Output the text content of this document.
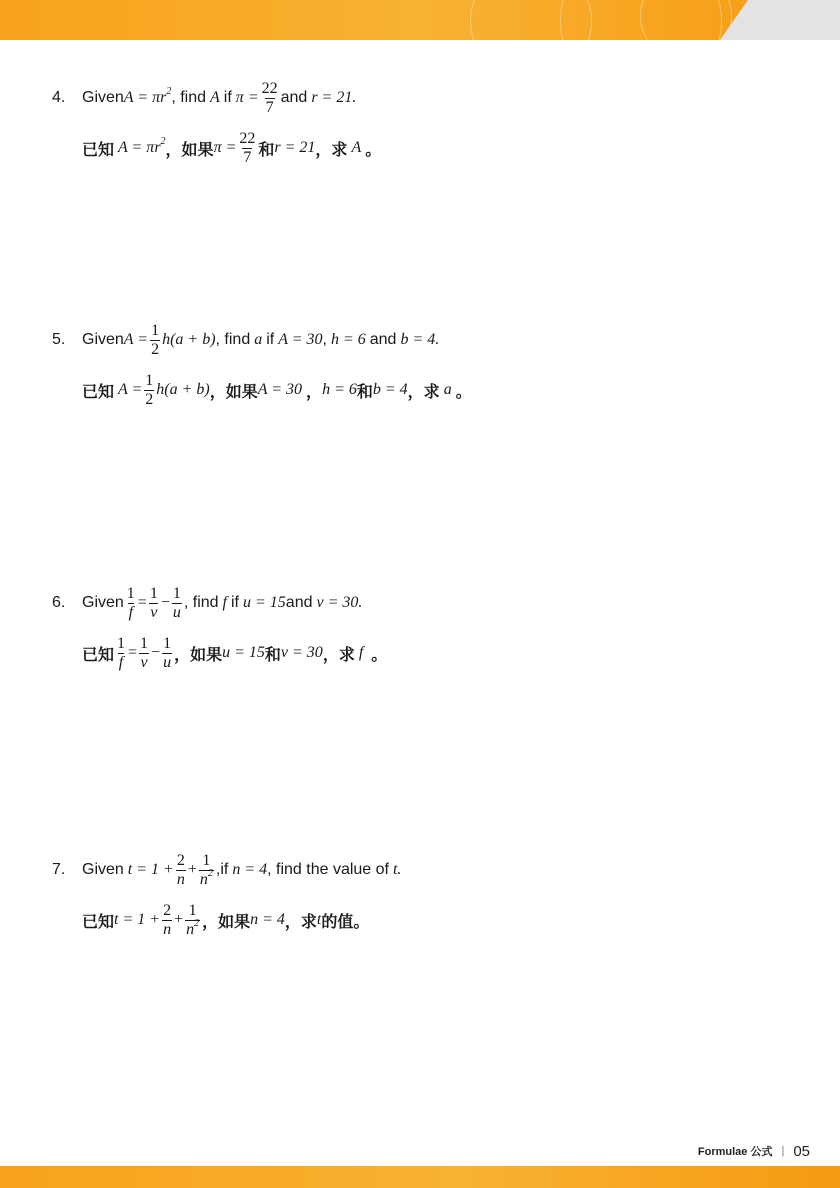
4.	Given $A = \pi r^2$ , find A if $\pi = \frac{22}{7}$ and r = 21.
已知 $A = \pi r^2$ ，如果 $\pi = \frac{22}{7}$ 和 r = 21 ，求 A 。
5.	Given $A = \frac{1}{2} h(a + b)$ , find a if A = 30 , h = 6 and b = 4.
已知 $A = \frac{1}{2} h(a + b)$ ，如果 A = 30 ， h = 6 和 b = 4 ，求 a 。
6.	Given $\frac{1}{f} = \frac{1}{v} - \frac{1}{u}$ , find f if u = 15 and v = 30.
已知 $\frac{1}{f} = \frac{1}{v} - \frac{1}{u}$ ，如果 u = 15 和 v = 30 ，求 f 。
7.	Given $t = 1 + \frac{2}{n} + \frac{1}{n^2} ,if$ n = 4 , find the value of t.
已知 $t = 1 + \frac{2}{n} + \frac{1}{n^2}$ ，如果 n = 4 ，求 t 的值。
Formulae 公式 | 05
